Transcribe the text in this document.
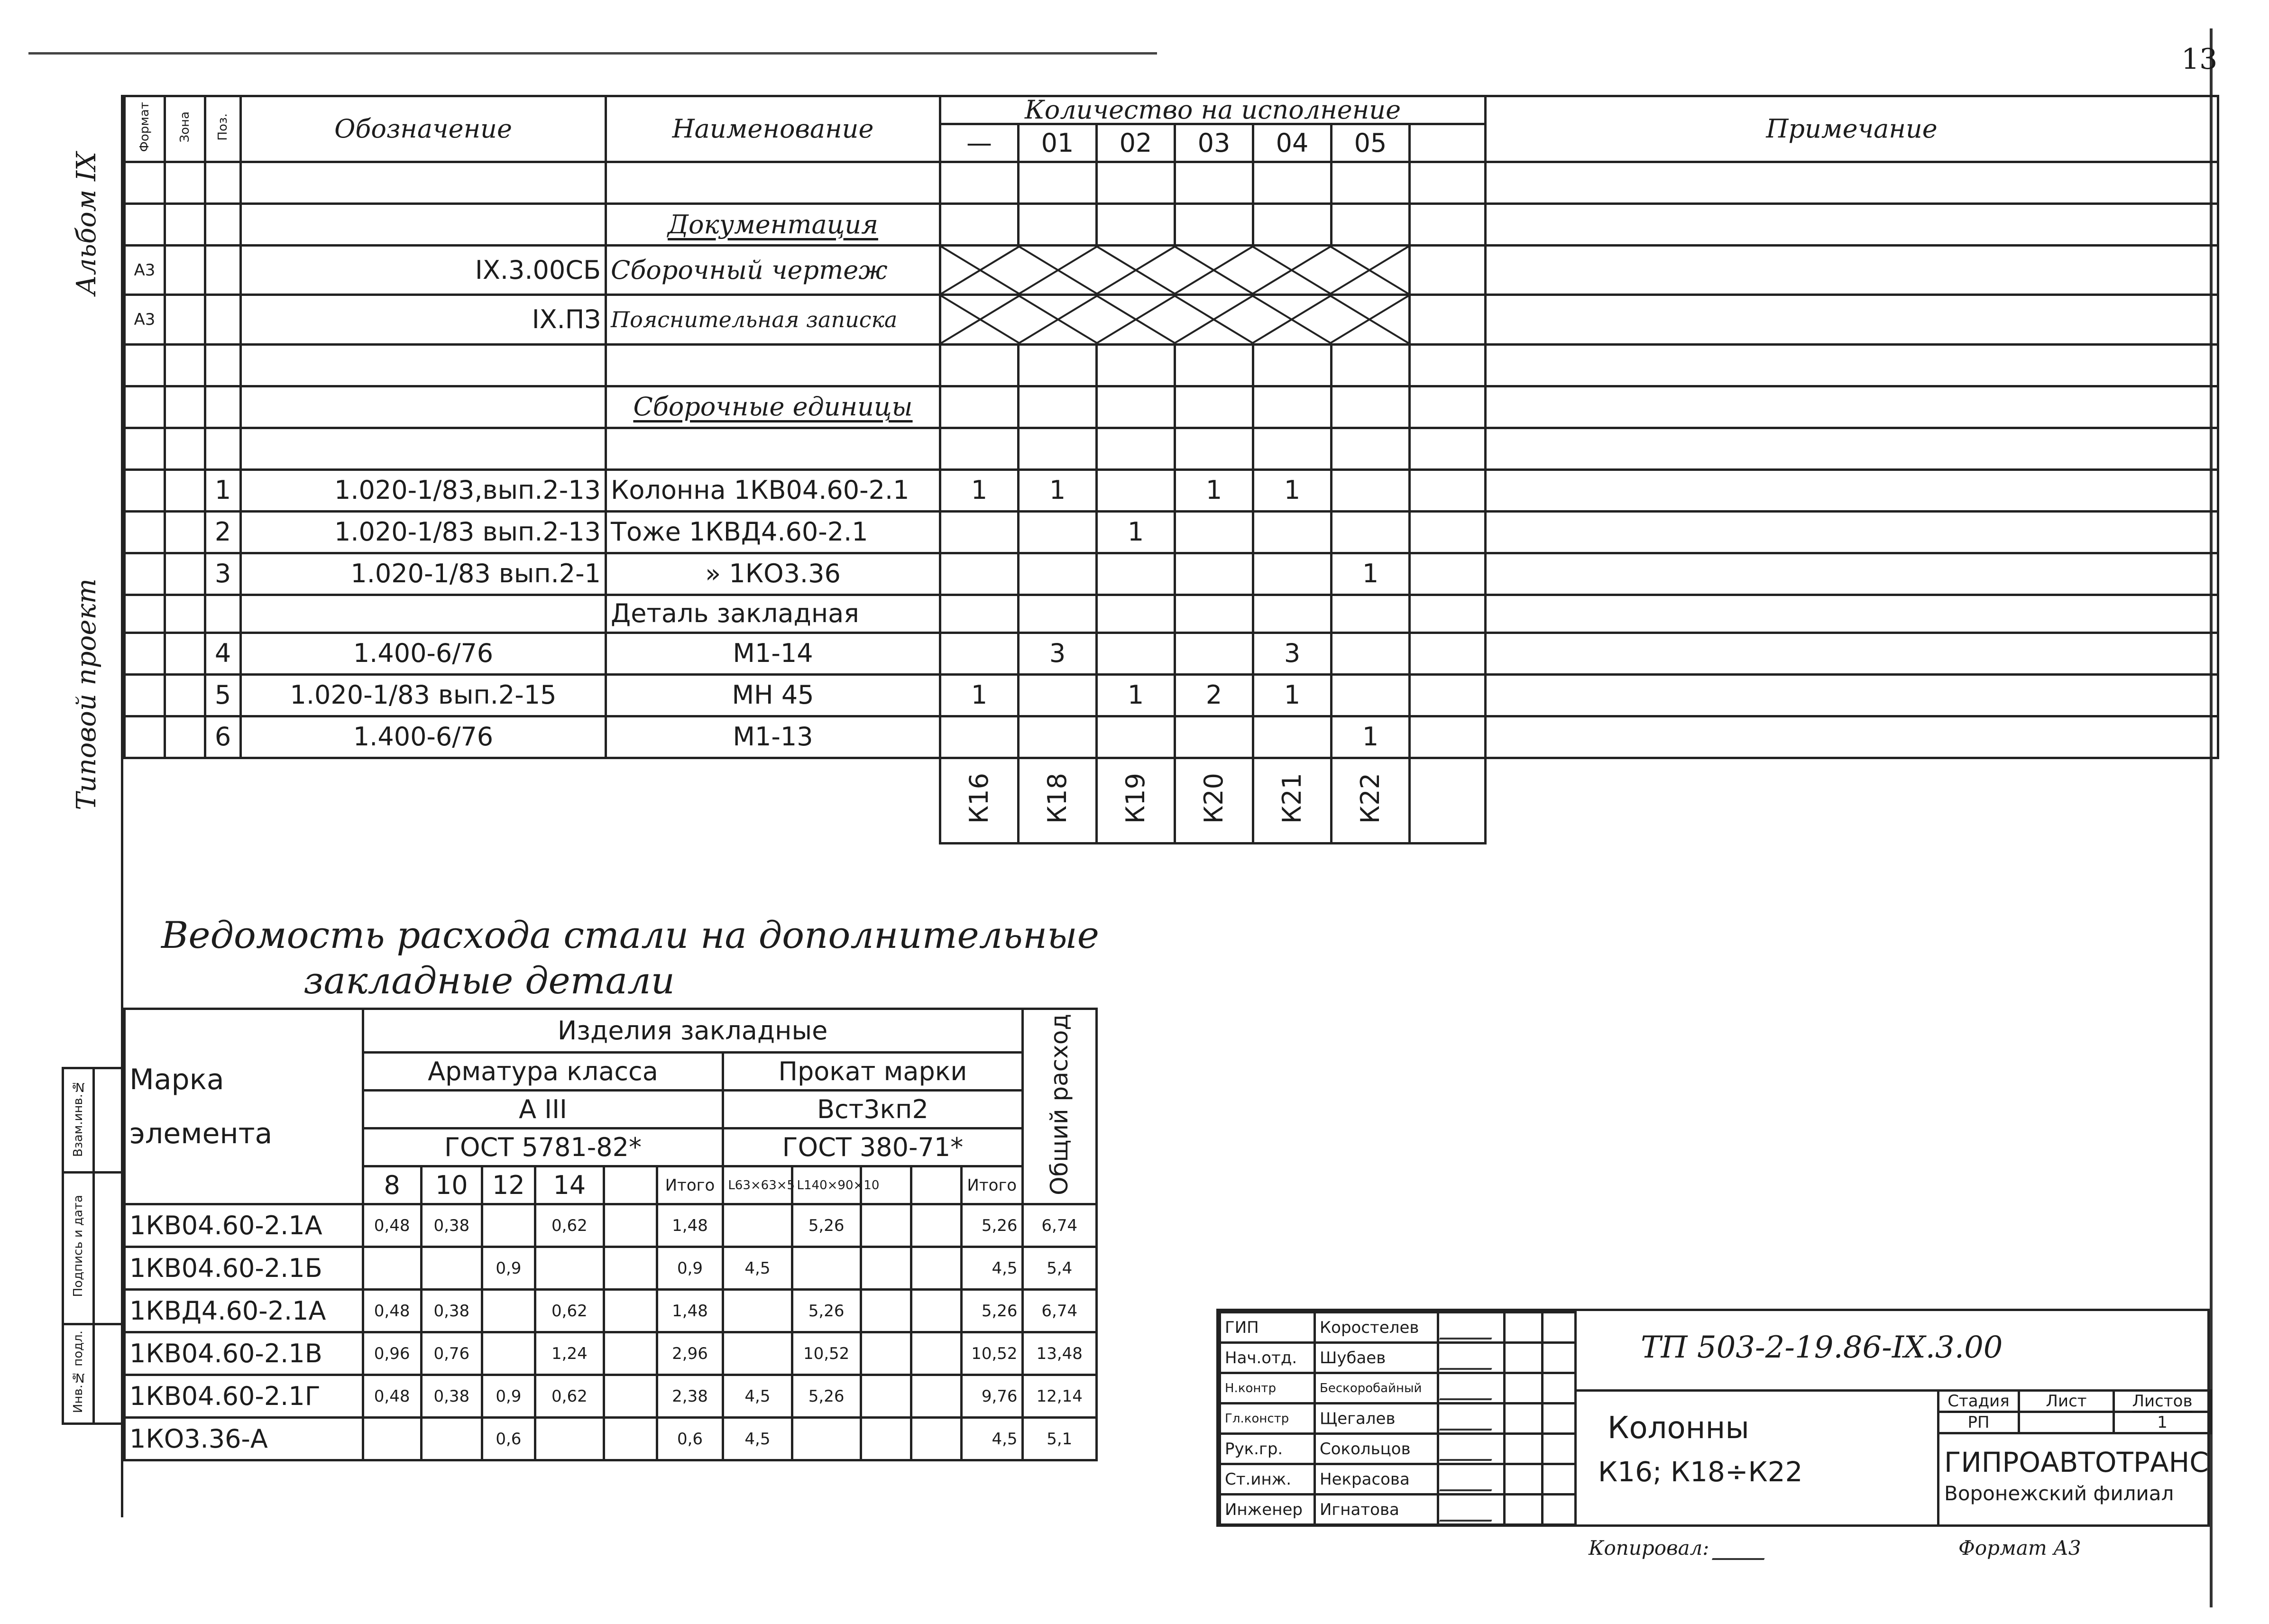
13
Альбом IX
Типовой проект
Формат	Зона	Поз.	Обозначение	Наименование	Количество на исполнение							Примечание
					—	01	02	03	04	05		

				Документация								
А3			IX.3.00СБ	Сборочный чертеж	

А3			IX.ПЗ	Пояснительная записка	

				Сборочные единицы								

		1	1.020-1/83,вып.2-13	Колонна 1КВ04.60-2.1	1	1		1	1			
		2	1.020-1/83 вып.2-13	Тоже 1КВД4.60-2.1			1					
		3	1.020-1/83 вып.2-1	» 1КО3.36						1		
				Деталь закладная								
		4	1.400-6/76	М1-14		3			3			
		5	1.020-1/83 вып.2-15	МН 45	1		1	2	1			
		6	1.400-6/76	М1-13						1		
					К16	К18	К19	К20	К21	К22		
Ведомость расхода стали на дополнительные
закладные детали
Взам.инв.№	
Подпись и дата	
Инв.№ подл.	
Марка элемента	Изделия закладные											Общий расход
	Арматура класса						Прокат марки					
	А III						Вст3кп2					
	ГОСТ 5781-82*						ГОСТ 380-71*					
	8	10	12	14		Итого	L63×63×5	L140×90×10			Итого	
1КВ04.60-2.1А	0,48	0,38		0,62		1,48		5,26			5,26	6,74
1КВ04.60-2.1Б			0,9			0,9	4,5				4,5	5,4
1КВД4.60-2.1А	0,48	0,38		0,62		1,48		5,26			5,26	6,74
1КВ04.60-2.1В	0,96	0,76		1,24		2,96		10,52			10,52	13,48
1КВ04.60-2.1Г	0,48	0,38	0,9	0,62		2,38	4,5	5,26			9,76	12,14
1КО3.36-А			0,6			0,6	4,5				4,5	5,1
ГИП	Коростелев			
Нач.отд.	Шубаев			
Н.контр	Бескоробайный			
Гл.констр	Щегалев			
Рук.гр.	Сокольцов			
Ст.инж.	Некрасова			
Инженер	Игнатова			
ТП 503-2-19.86-IX.3.00
Колонны
К16; К18÷К22
Стадия	Лист	Листов
РП		1
ГИПРОАВТОТРАНС
Воронежский филиал
Копировал:	Формат А3
